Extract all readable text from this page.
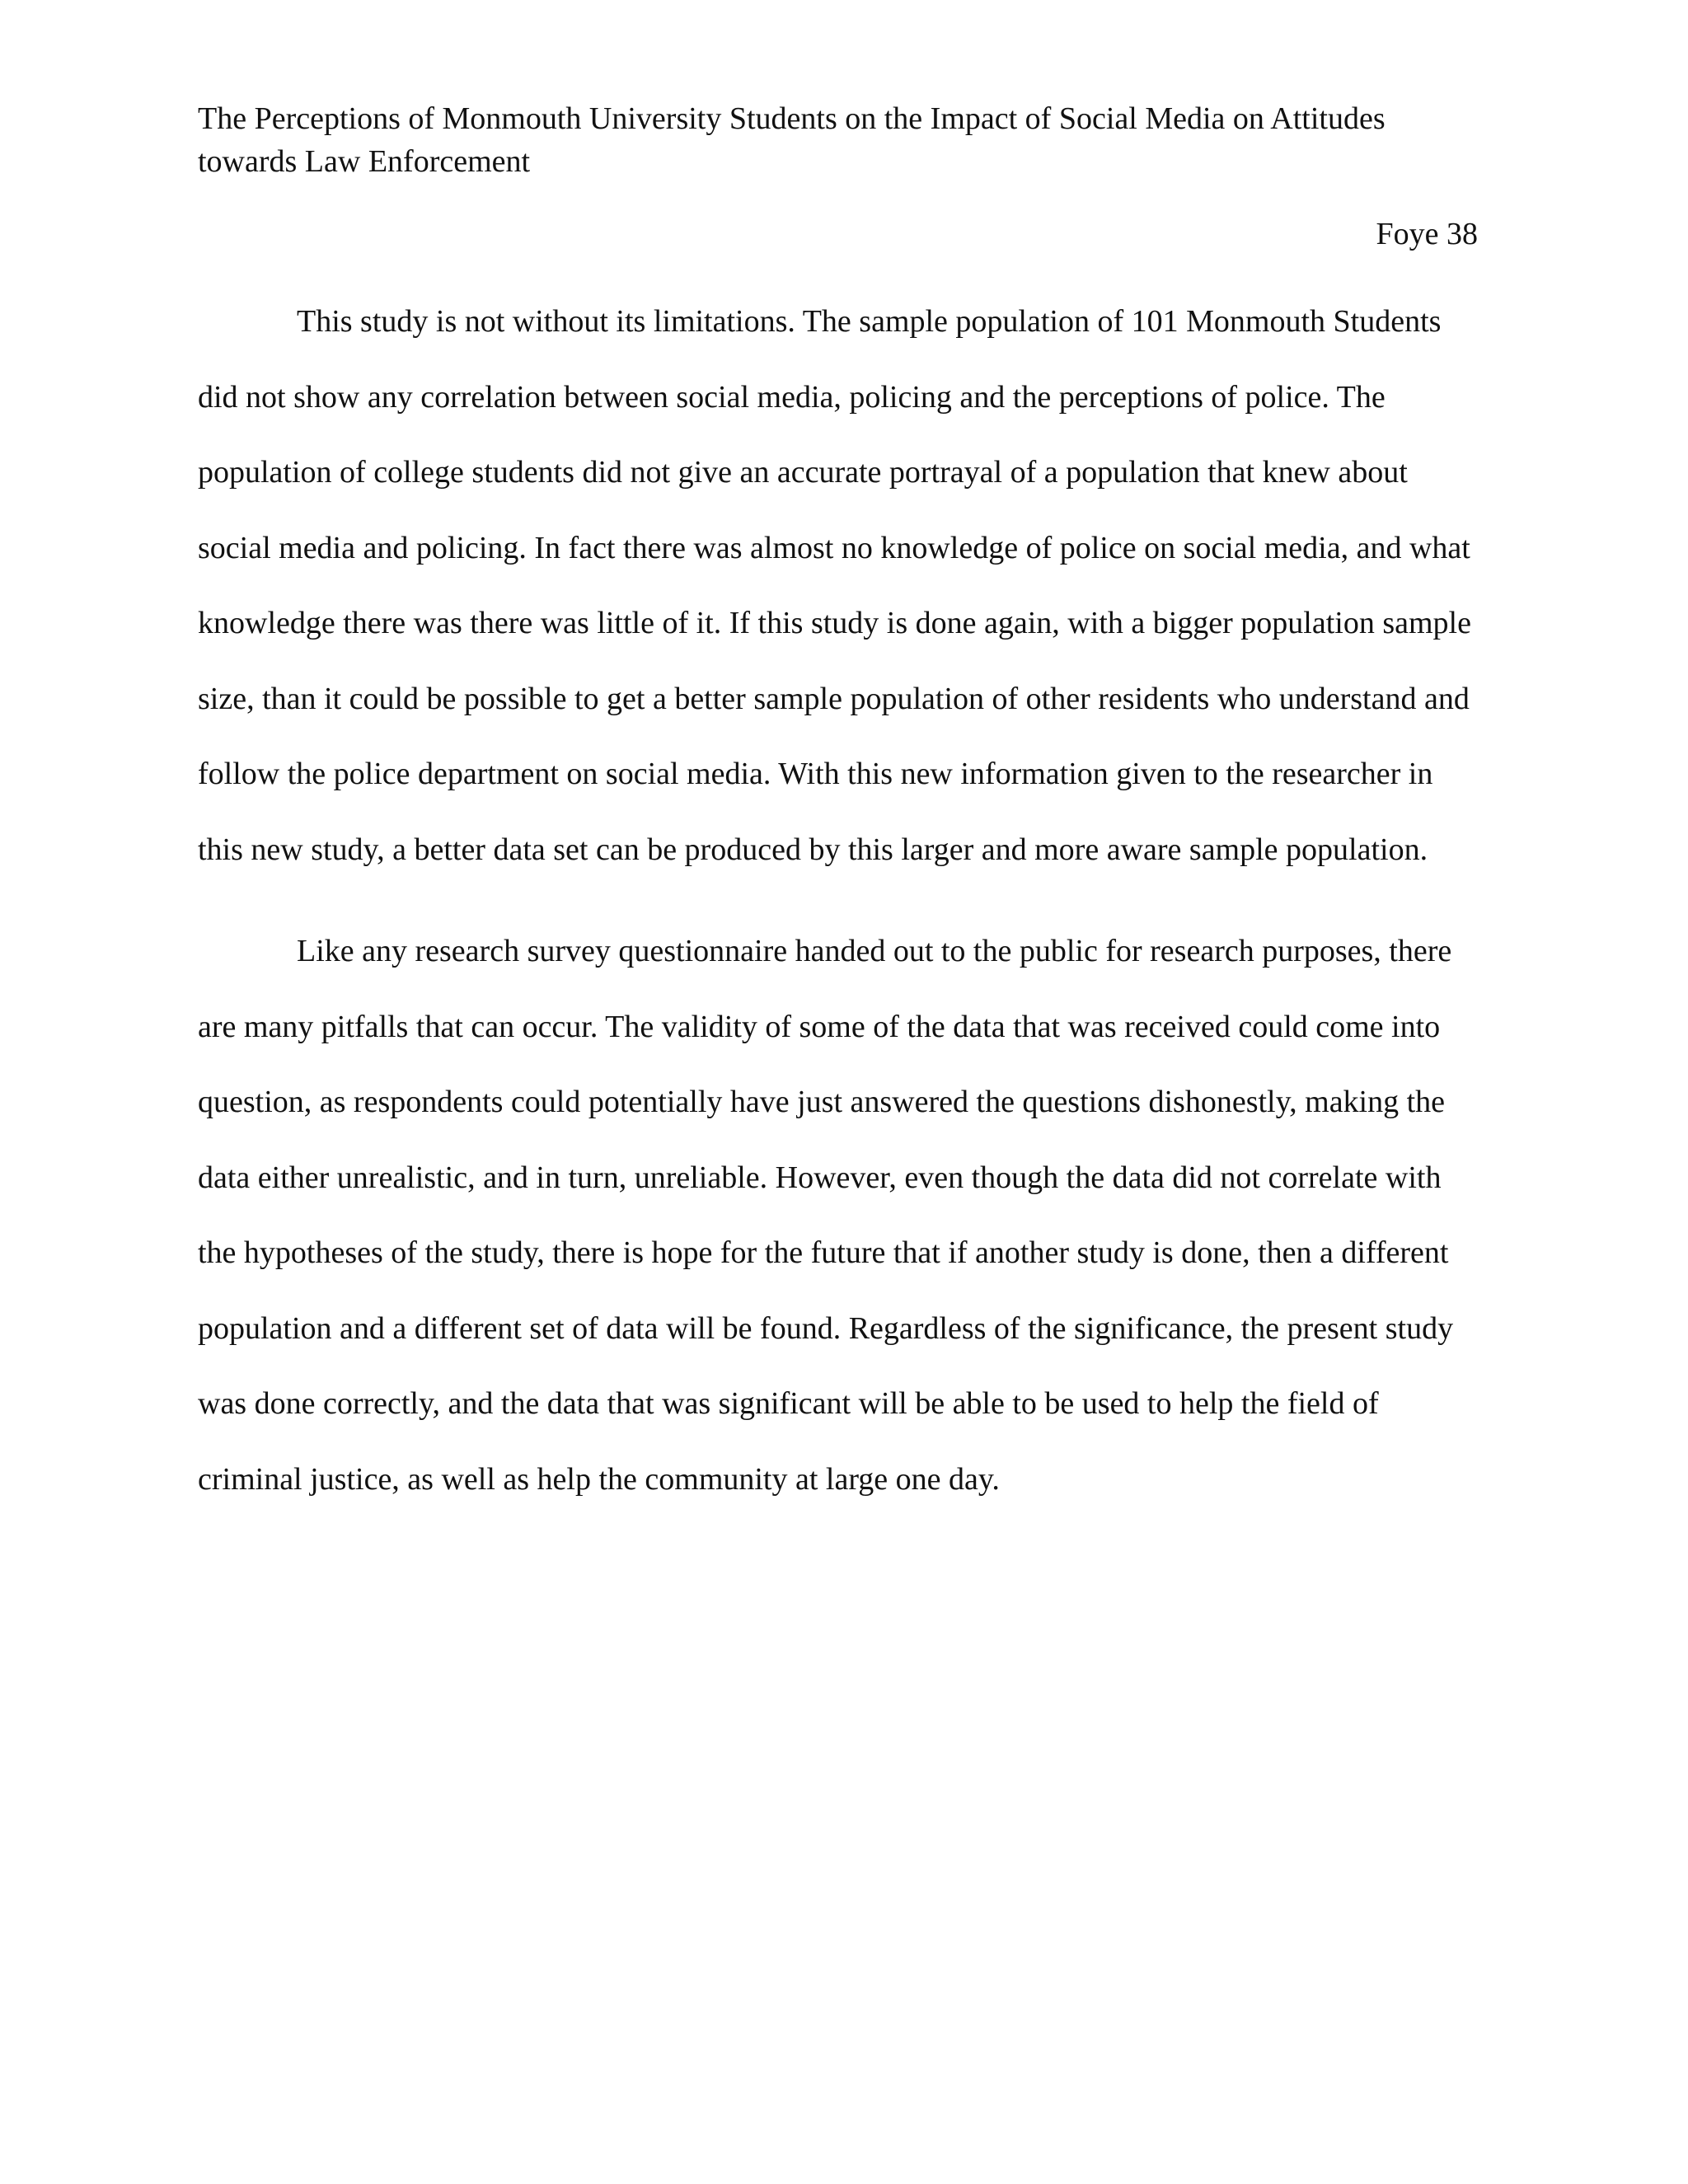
The Perceptions of Monmouth University Students on the Impact of Social Media on Attitudes towards Law Enforcement

Foye 38

This study is not without its limitations. The sample population of 101 Monmouth Students did not show any correlation between social media, policing and the perceptions of police. The population of college students did not give an accurate portrayal of a population that knew about social media and policing. In fact there was almost no knowledge of police on social media, and what knowledge there was there was little of it. If this study is done again, with a bigger population sample size, than it could be possible to get a better sample population of other residents who understand and follow the police department on social media. With this new information given to the researcher in this new study, a better data set can be produced by this larger and more aware sample population.

Like any research survey questionnaire handed out to the public for research purposes, there are many pitfalls that can occur. The validity of some of the data that was received could come into question, as respondents could potentially have just answered the questions dishonestly, making the data either unrealistic, and in turn, unreliable. However, even though the data did not correlate with the hypotheses of the study, there is hope for the future that if another study is done, then a different population and a different set of data will be found. Regardless of the significance, the present study was done correctly, and the data that was significant will be able to be used to help the field of criminal justice, as well as help the community at large one day.
